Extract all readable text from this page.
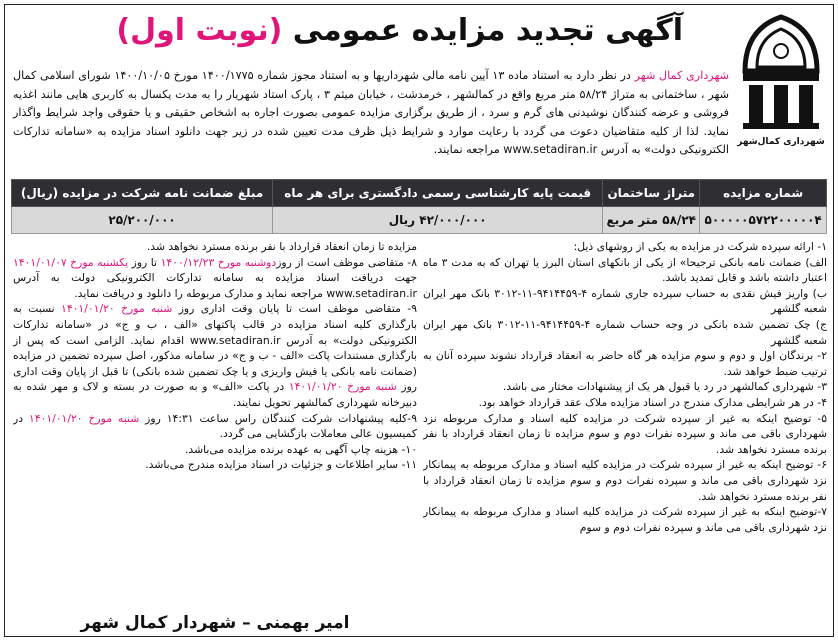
آگهی تجدید مزایده عمومی (نوبت اول)
شهرداری کمال‌شهر
شهرداری کمال شهر در نظر دارد به استناد ماده ۱۳ آیین نامه مالی شهرداریها و به استناد مجوز شماره ۱۴۰۰/۱۷۷۵ مورخ ۱۴۰۰/۱۰/۰۵ شورای اسلامی کمال شهر ، ساختمانی به متراژ ۵۸/۲۴ متر مربع واقع در کمالشهر ، خرمدشت ، خیابان میثم ۳ ، پارک استاد شهریار را به مدت یکسال به کاربری هایی مانند اغذیه فروشی و عرضه کنندگان نوشیدنی های گرم و سرد ، از طریق برگزاری مزایده عمومی بصورت اجاره به اشخاص حقیقی و یا حقوقی واجد شرایط واگذار نماید. لذا از کلیه متقاضیان دعوت می گردد با رعایت موارد و شرایط ذیل ظرف مدت تعیین شده در زیر جهت دانلود اسناد مزایده به «سامانه تدارکات الکترونیکی دولت» به آدرس www.setadiran.ir مراجعه نمایند.
شماره مزایده	متراژ ساختمان	قیمت پایه کارشناسی رسمی دادگستری برای هر ماه	مبلغ ضمانت نامه شرکت در مزایده (ریال)
۵۰۰۰۰۰۵۷۲۲۰۰۰۰۰۴	۵۸/۲۴ متر مربع	۴۲/۰۰۰/۰۰۰ ریال	۲۵/۲۰۰/۰۰۰

۱- ارائه سپرده شرکت در مزایده به یکی از روشهای ذیل:

الف) ضمانت نامه بانکی ترجیحا» از یکی از بانکهای استان البرز یا تهران که به مدت ۳ ماه اعتبار داشته باشد و قابل تمدید باشد.

ب) واریز فیش نقدی به حساب سپرده جاری شماره ۴-۹۴۱۴۴۵۹-۱۱-۳۰۱۲ بانک مهر ایران شعبه گلشهر

ج) چک تضمین شده بانکی در وجه حساب شماره ۴-۹۴۱۴۴۵۹-۱۱-۳۰۱۲ بانک مهر ایران شعبه گلشهر

۲- برندگان اول و دوم و سوم مزایده هر گاه حاضر به انعقاد قرارداد نشوند سپرده آنان به ترتیب ضبط خواهد شد.

۳- شهرداری کمالشهر در رد یا قبول هر یک از پیشنهادات مختار می باشد.

۴- در هر شرایطی مدارک مندرج در اسناد مزایده ملاک عقد قرارداد خواهد بود.

۵- توضیح اینکه به غیر از سپرده شرکت در مزایده کلیه اسناد و مدارک مربوطه نزد شهرداری باقی می ماند و سپرده نفرات دوم و سوم مزایده تا زمان انعقاد قرارداد با نفر برنده مسترد نخواهد شد.

۶- توضیح اینکه به غیر از سپرده شرکت در مزایده کلیه اسناد و مدارک مربوطه به پیمانکار نزد شهرداری باقی می ماند و سپرده نفرات دوم و سوم مزایده تا زمان انعقاد قرارداد با نفر برنده مسترد نخواهد شد.

۷-توضیح اینکه به غیر از سپرده شرکت در مزایده کلیه اسناد و مدارک مربوطه به پیمانکار نزد شهرداری باقی می ماند و سپرده نفرات دوم و سوم

مزایده تا زمان انعقاد قرارداد با نفر برنده مسترد نخواهد شد.

۸- متقاضی موظف است از روزدوشنبه مورخ ۱۴۰۰/۱۲/۲۳ تا روز یکشنبه مورخ ۱۴۰۱/۰۱/۰۷ جهت دریافت اسناد مزایده به سامانه تدارکات الکترونیکی دولت به آدرس www.setadiran.ir مراجعه نماید و مدارک مربوطه را دانلود و دریافت نماید.

۹- متقاضی موظف است تا پایان وقت اداری روز شنبه مورخ ۱۴۰۱/۰۱/۲۰ نسبت به بارگذاری کلیه اسناد مزایده در قالب پاکتهای «الف ، ب و ج» در «سامانه تدارکات الکترونیکی دولت» به آدرس www.setadiran.ir اقدام نماید. الزامی است که پس از بارگذاری مستندات پاکت «الف - ب و ج» در سامانه مذکور، اصل سپرده تضمین در مزایده (ضمانت نامه بانکی یا فیش واریزی و یا چک تضمین شده بانکی) تا قبل از پایان وقت اداری روز شنبه مورخ ۱۴۰۱/۰۱/۲۰ در پاکت «الف» و به صورت در بسته و لاک و مهر شده به دبیرخانه شهرداری کمالشهر تحویل نمایند.

۹-کلیه پیشنهادات شرکت کنندگان راس ساعت ۱۴:۳۱ روز شنبه مورخ ۱۴۰۱/۰۱/۲۰ در کمیسیون عالی معاملات بازگشایی می گردد.

۱۰- هزینه چاپ آگهی به عهده برنده مزایده می‌باشد.

۱۱- سایر اطلاعات و جزئیات در اسناد مزایده مندرج می‌باشد.

امیر بهمنی – شهردار کمال شهر
